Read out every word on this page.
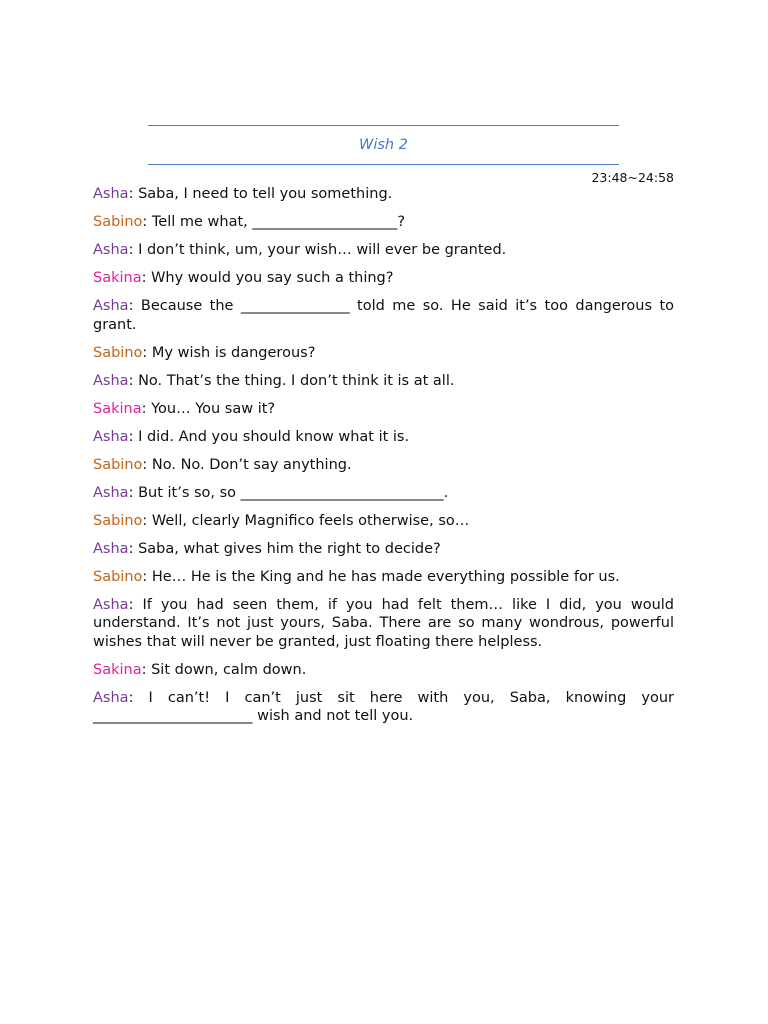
Wish 2
23:48~24:58

Asha: Saba, I need to tell you something.

Sabino: Tell me what, ____________________?

Asha: I don’t think, um, your wish… will ever be granted.

Sakina: Why would you say such a thing?

Asha: Because the _______________ told me so. He said it’s too dangerous to grant.

Sabino: My wish is dangerous?

Asha: No. That’s the thing. I don’t think it is at all.

Sakina: You… You saw it?

Asha: I did. And you should know what it is.

Sabino: No. No. Don’t say anything.

Asha: But it’s so, so ____________________________.

Sabino: Well, clearly Magnifico feels otherwise, so…

Asha: Saba, what gives him the right to decide?

Sabino: He… He is the King and he has made everything possible for us.

Asha: If you had seen them, if you had felt them… like I did, you would understand. It’s not just yours, Saba. There are so many wondrous, powerful wishes that will never be granted, just floating there helpless.

Sakina: Sit down, calm down.

Asha: I can’t! I can’t just sit here with you, Saba, knowing your ______________________ wish and not tell you.
